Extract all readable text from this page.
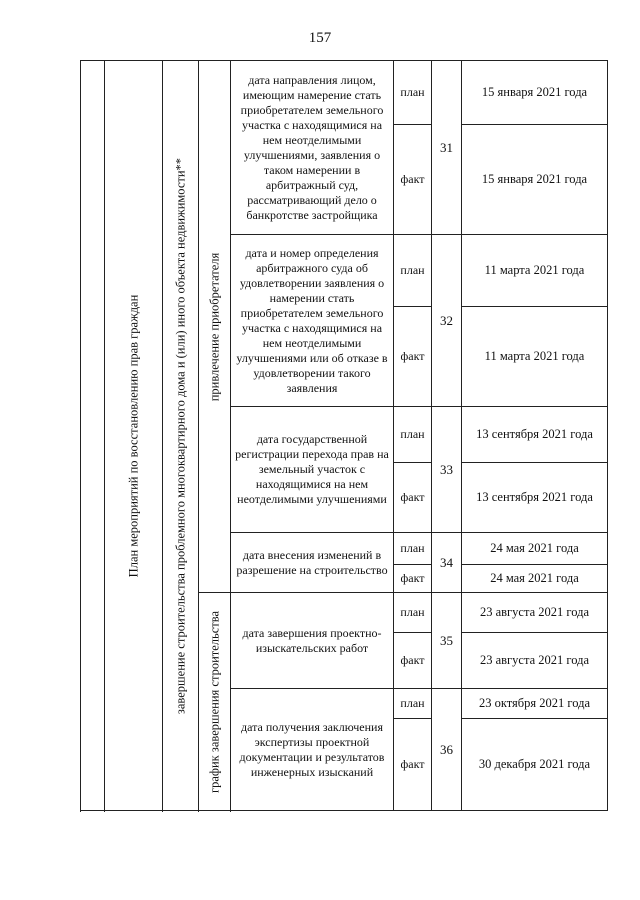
157

	План мероприятий по восстановлению прав граждан	завершение строительства проблемного многоквартирного дома и (или) иного объекта недвижимости**	привлечение приобретателя	дата направления лицом, имеющим намерение стать приобретателем земельного участка с находящимися на нем неотделимыми улучшениями, заявления о таком намерении в арбитражный суд, рассматривающий дело о банкротстве застройщика	план	31	15 января 2021 года
					факт		15 января 2021 года
				дата и номер определения арбитражного суда об удовлетворении заявления о намерении стать приобретателем земельного участка с находящимися на нем неотделимыми улучшениями или об отказе в удовлетворении такого заявления	план	32	11 марта 2021 года
					факт		11 марта 2021 года
				дата государственной регистрации перехода прав на земельный участок с находящимися на нем неотделимыми улучшениями	план	33	13 сентября 2021 года
					факт		13 сентября 2021 года
				дата внесения изменений в разрешение на строительство	план	34	24 мая 2021 года
					факт		24 мая 2021 года

			график завершения строительства	дата завершения проектно-изыскательских работ	план	35	23 августа 2021 года
					факт		23 августа 2021 года
				дата получения заключения экспертизы проектной документации и результатов инженерных изысканий	план	36	23 октября 2021 года
					факт		30 декабря 2021 года
